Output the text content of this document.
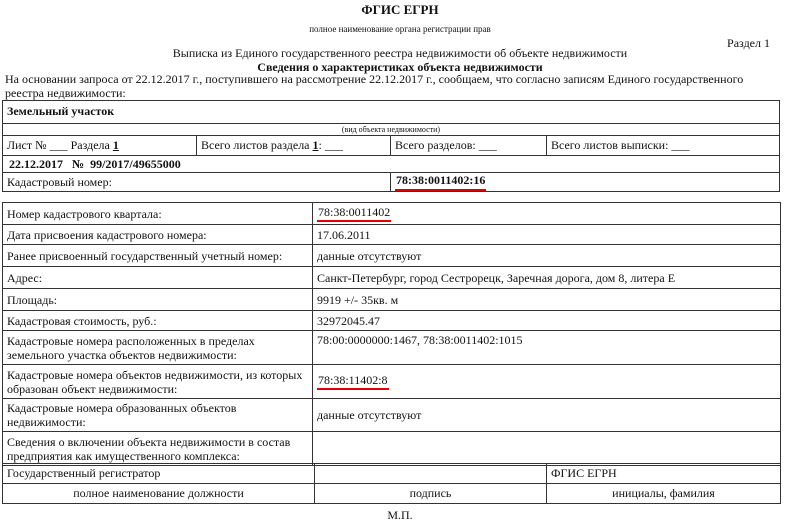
ФГИС ЕГРН
полное наименование органа регистрации прав
Раздел 1
Выписка из Единого государственного реестра недвижимости об объекте недвижимости
Сведения о характеристиках объекта недвижимости
На основании запроса от 22.12.2017 г., поступившего на рассмотрение 22.12.2017 г., сообщаем, что согласно записям Единого государственного реестра недвижимости:
Земельный участок
(вид объекта недвижимости)
Лист № ___ Раздела 1	Всего листов раздела 1: ___	Всего разделов: ___	Всего листов выписки: ___
22.12.2017 № 99/2017/49655000
Кадастровый номер:	78:38:0011402:16
Номер кадастрового квартала:	78:38:0011402
Дата присвоения кадастрового номера:	17.06.2011
Ранее присвоенный государственный учетный номер:	данные отсутствуют
Адрес:	Санкт-Петербург, город Сестрорецк, Заречная дорога, дом 8, литера Е
Площадь:	9919 +/- 35кв. м
Кадастровая стоимость, руб.:	32972045.47
Кадастровые номера расположенных в пределах земельного участка объектов недвижимости:	78:00:0000000:1467, 78:38:0011402:1015
Кадастровые номера объектов недвижимости, из которых образован объект недвижимости:	78:38:11402:8
Кадастровые номера образованных объектов недвижимости:	данные отсутствуют
Сведения о включении объекта недвижимости в состав предприятия как имущественного комплекса:	
Государственный регистратор		ФГИС ЕГРН
полное наименование должности	подпись	инициалы, фамилия
М.П.
